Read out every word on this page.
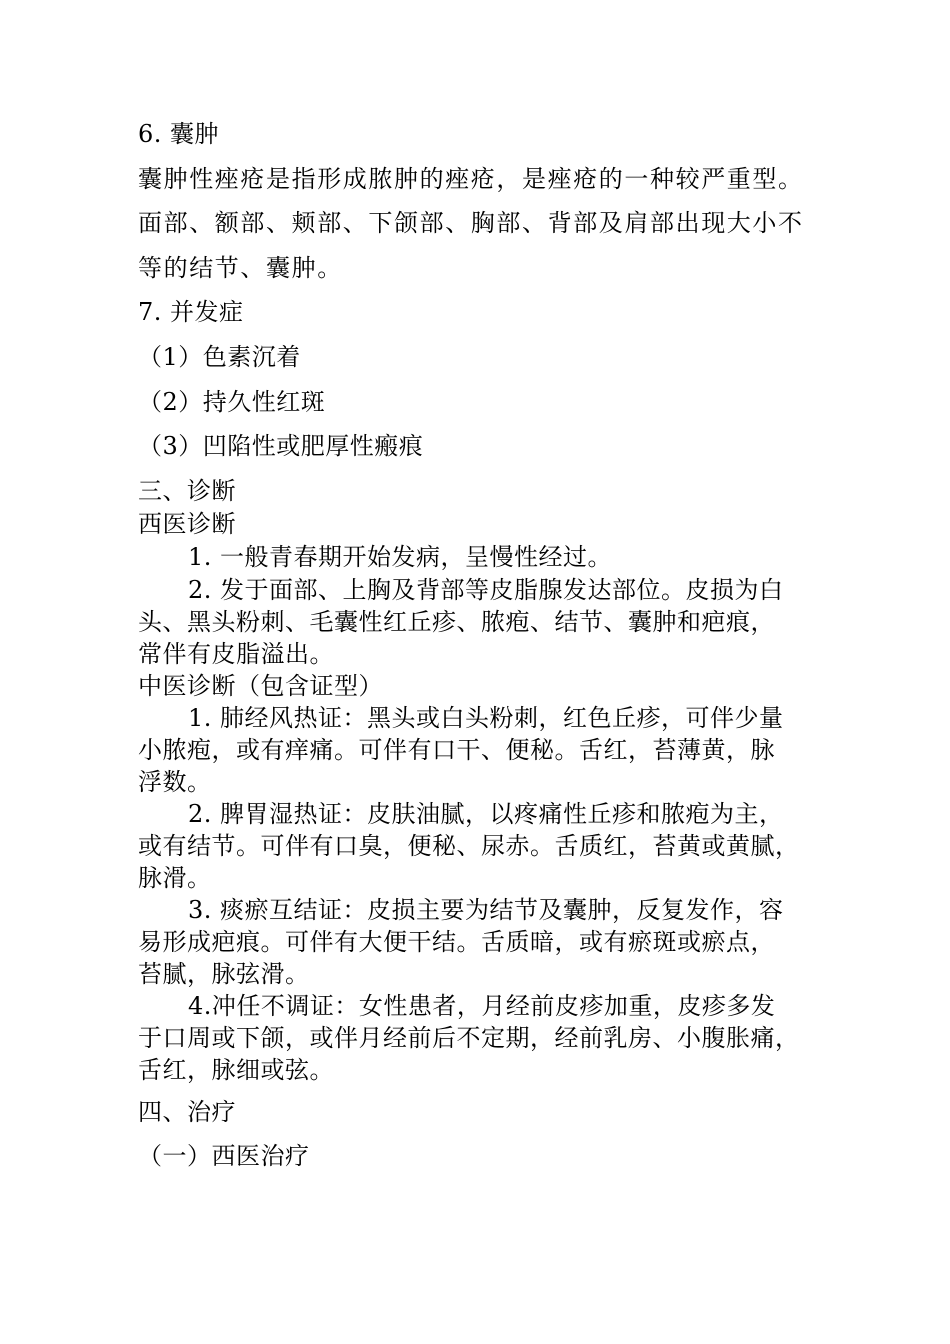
6. 囊肿
囊肿性痤疮是指形成脓肿的痤疮，是痤疮的一种较严重型。
面部、额部、颊部、下颌部、胸部、背部及肩部出现大小不
等的结节、囊肿。
7. 并发症
（1）色素沉着
（2）持久性红斑
（3）凹陷性或肥厚性瘢痕
三、诊断
西医诊断
1. 一般青春期开始发病，呈慢性经过。
2. 发于面部、上胸及背部等皮脂腺发达部位。皮损为白
头、黑头粉刺、毛囊性红丘疹、脓疱、结节、囊肿和疤痕，
常伴有皮脂溢出。
中医诊断（包含证型）
1. 肺经风热证：黑头或白头粉刺，红色丘疹，可伴少量
小脓疱，或有痒痛。可伴有口干、便秘。舌红，苔薄黄，脉
浮数。
2. 脾胃湿热证：皮肤油腻，以疼痛性丘疹和脓疱为主，
或有结节。可伴有口臭，便秘、尿赤。舌质红，苔黄或黄腻，
脉滑。
3. 痰瘀互结证：皮损主要为结节及囊肿，反复发作，容
易形成疤痕。可伴有大便干结。舌质暗，或有瘀斑或瘀点，
苔腻，脉弦滑。
4.冲任不调证：女性患者，月经前皮疹加重，皮疹多发
于口周或下颌，或伴月经前后不定期，经前乳房、小腹胀痛，
舌红，脉细或弦。
四、治疗
（一）西医治疗
